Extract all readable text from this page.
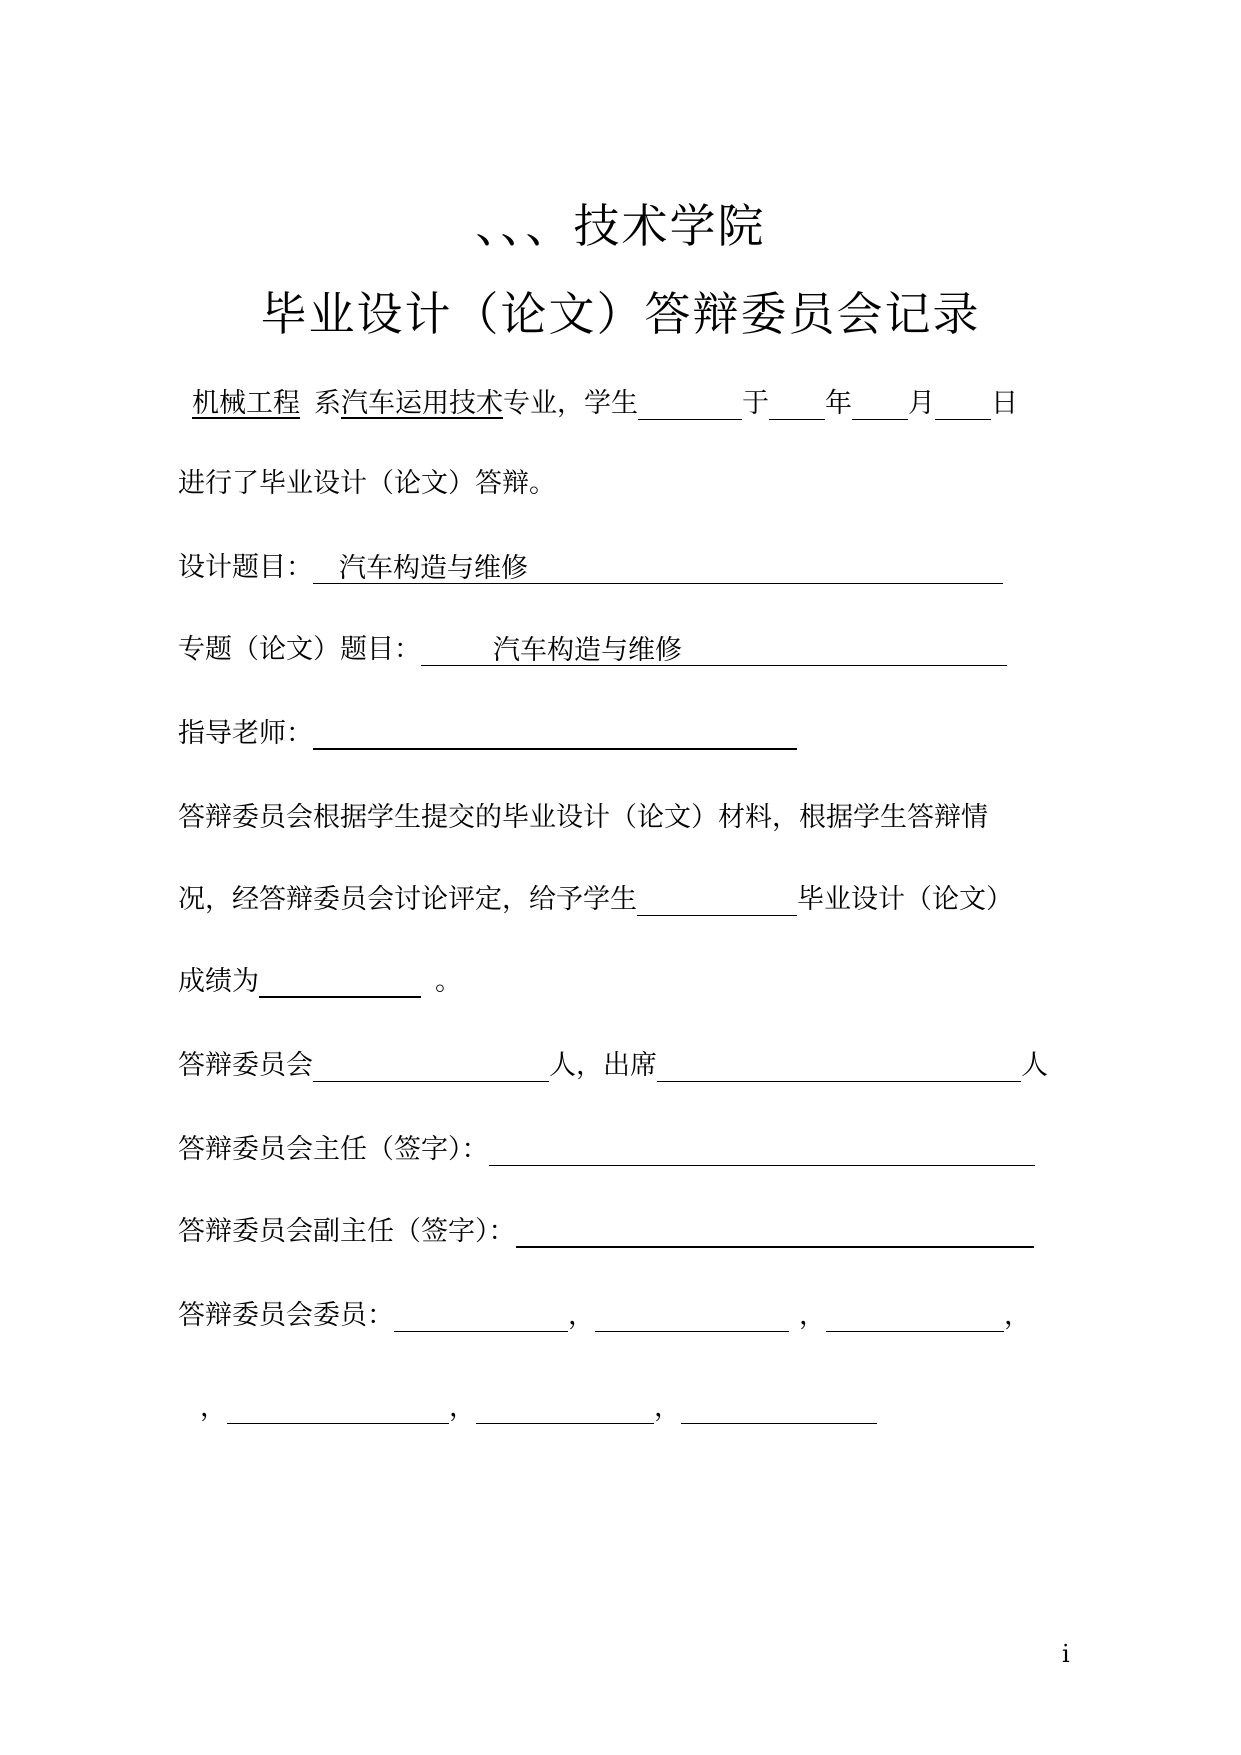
、、、技术学院
毕业设计（论文）答辩委员会记录
机械工程 系汽车运用技术专业，学生	于 年 月 日
进行了毕业设计（论文）答辩。
设计题目： 汽车构造与维修
专题（论文）题目：	汽车构造与维修
指导老师：
答辩委员会根据学生提交的毕业设计（论文）材料，根据学生答辩情
况，经答辩委员会讨论评定，给予学生	毕业设计（论文）
成绩为	。
答辩委员会	人，出席	人
答辩委员会主任（签字）：
答辩委员会副主任（签字）：
答辩委员会委员：	，	，	，
，	，	，
i
